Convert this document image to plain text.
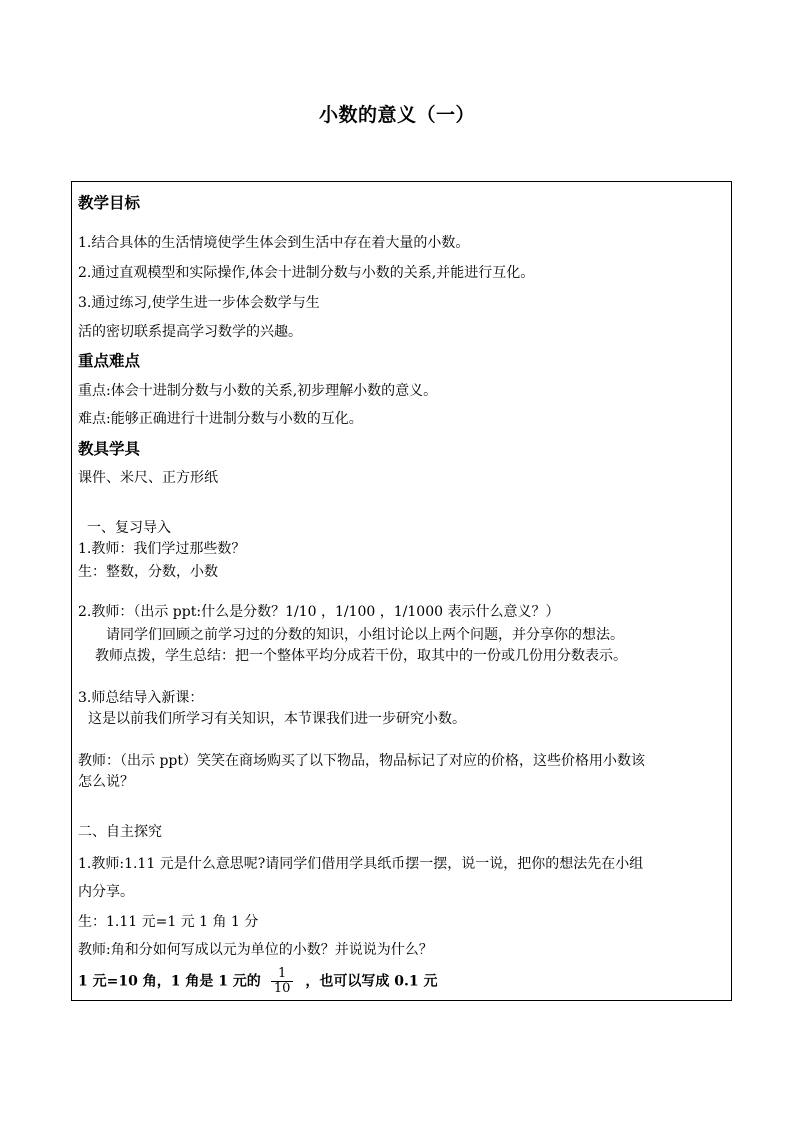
小数的意义（一）
教学目标
1.结合具体的生活情境使学生体会到生活中存在着大量的小数。
2.通过直观模型和实际操作,体会十进制分数与小数的关系,并能进行互化。
3.通过练习,使学生进一步体会数学与生
活的密切联系提高学习数学的兴趣。
重点难点
重点:体会十进制分数与小数的关系,初步理解小数的意义。
难点:能够正确进行十进制分数与小数的互化。
教具学具
课件、米尺、正方形纸
一、复习导入
1.教师：我们学过那些数？
生：整数，分数，小数
2.教师：（出示 ppt:什么是分数？1/10 ，1/100 ，1/1000 表示什么意义？）
请同学们回顾之前学习过的分数的知识，小组讨论以上两个问题，并分享你的想法。
教师点拨，学生总结：把一个整体平均分成若干份，取其中的一份或几份用分数表示。
3.师总结导入新课：
这是以前我们所学习有关知识，本节课我们进一步研究小数。
教师：（出示 ppt）笑笑在商场购买了以下物品，物品标记了对应的价格，这些价格用小数该
怎么说？
二、自主探究
1.教师:1.11 元是什么意思呢?请同学们借用学具纸币摆一摆，说一说，把你的想法先在小组
内分享。
生：1.11 元=1 元 1 角 1 分
教师:角和分如何写成以元为单位的小数？并说说为什么？
1 元=10 角，1 角是 1 元的 $\frac{1}{10}$ ，也可以写成 0.1 元
